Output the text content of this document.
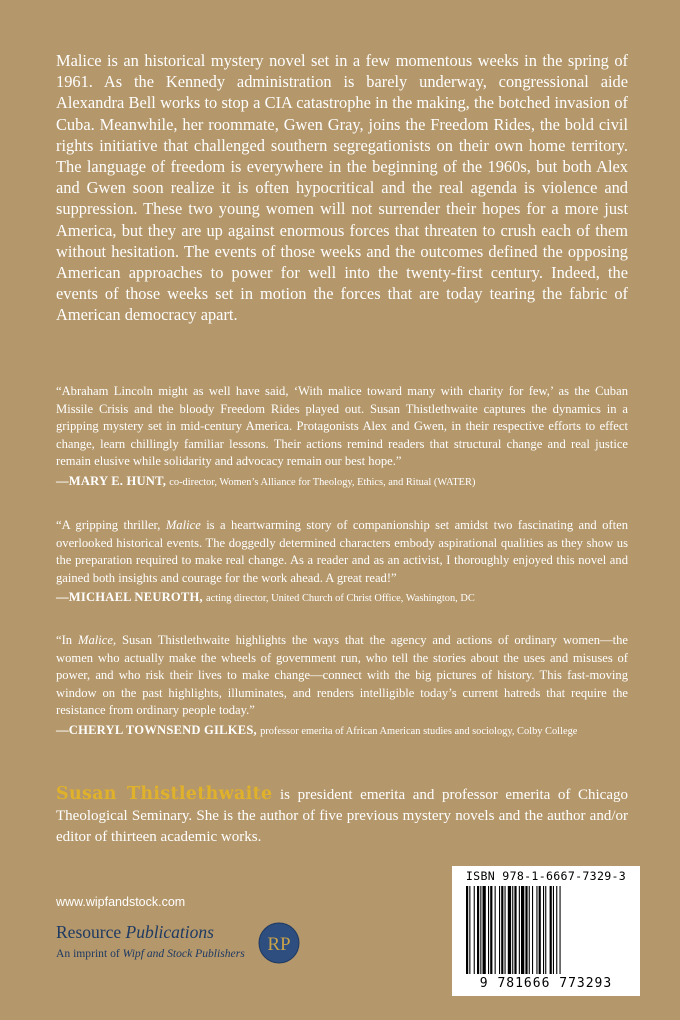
Malice is an historical mystery novel set in a few momentous weeks in the spring of 1961. As the Kennedy administration is barely underway, congressional aide Alexandra Bell works to stop a CIA catastrophe in the making, the botched invasion of Cuba. Meanwhile, her roommate, Gwen Gray, joins the Freedom Rides, the bold civil rights initiative that challenged southern segregationists on their own home territory. The language of freedom is everywhere in the beginning of the 1960s, but both Alex and Gwen soon realize it is often hypocritical and the real agenda is violence and suppression. These two young women will not surrender their hopes for a more just America, but they are up against enormous forces that threaten to crush each of them without hesitation. The events of those weeks and the outcomes defined the opposing American approaches to power for well into the twenty-first century. Indeed, the events of those weeks set in motion the forces that are today tearing the fabric of American democracy apart.

“Abraham Lincoln might as well have said, ‘With malice toward many with charity for few,’ as the Cuban Missile Crisis and the bloody Freedom Rides played out. Susan Thistlethwaite captures the dynamics in a gripping mystery set in mid-century America. Protagonists Alex and Gwen, in their respective efforts to effect change, learn chillingly familiar lessons. Their actions remind readers that structural change and real justice remain elusive while solidarity and advocacy remain our best hope.”

—MARY E. HUNT, co-director, Women’s Alliance for Theology, Ethics, and Ritual (WATER)

“A gripping thriller, Malice is a heartwarming story of companionship set amidst two fascinating and often overlooked historical events. The doggedly determined characters embody aspirational qualities as they show us the preparation required to make real change. As a reader and as an activist, I thoroughly enjoyed this novel and gained both insights and courage for the work ahead. A great read!”

—MICHAEL NEUROTH, acting director, United Church of Christ Office, Washington, DC

“In Malice, Susan Thistlethwaite highlights the ways that the agency and actions of ordinary women—the women who actually make the wheels of government run, who tell the stories about the uses and misuses of power, and who risk their lives to make change—connect with the big pictures of history. This fast-moving window on the past highlights, illuminates, and renders intelligible today’s current hatreds that require the resistance from ordinary people today.”

—CHERYL TOWNSEND GILKES, professor emerita of African American studies and sociology, Colby College

Susan Thistlethwaite is president emerita and professor emerita of Chicago Theological Seminary. She is the author of five previous mystery novels and the author and/or editor of thirteen academic works.

www.wipfandstock.com
Resource Publications
An imprint of Wipf and Stock Publishers RP
ISBN 978-1-6667-7329-3
9 781666 773293
